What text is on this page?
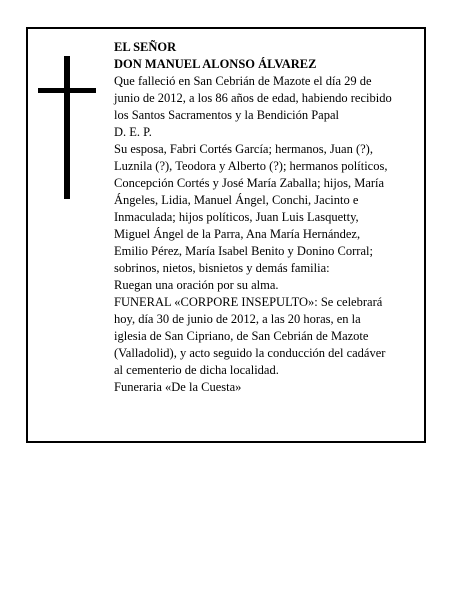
EL SEÑOR
DON MANUEL ALONSO ÁLVAREZ
Que falleció en San Cebrián de Mazote el día 29 de
junio de 2012, a los 86 años de edad, habiendo recibido
los Santos Sacramentos y la Bendición Papal
D. E. P.
Su esposa, Fabri Cortés García; hermanos, Juan (?),
Luznila (?), Teodora y Alberto (?); hermanos políticos,
Concepción Cortés y José María Zaballa; hijos, María
Ángeles, Lidia, Manuel Ángel, Conchi, Jacinto e
Inmaculada; hijos políticos, Juan Luis Lasquetty,
Miguel Ángel de la Parra, Ana María Hernández,
Emilio Pérez, María Isabel Benito y Donino Corral;
sobrinos, nietos, bisnietos y demás familia:
Ruegan una oración por su alma.
FUNERAL «CORPORE INSEPULTO»: Se celebrará
hoy, día 30 de junio de 2012, a las 20 horas, en la
iglesia de San Cipriano, de San Cebrián de Mazote
(Valladolid), y acto seguido la conducción del cadáver
al cementerio de dicha localidad.
Funeraria «De la Cuesta»
